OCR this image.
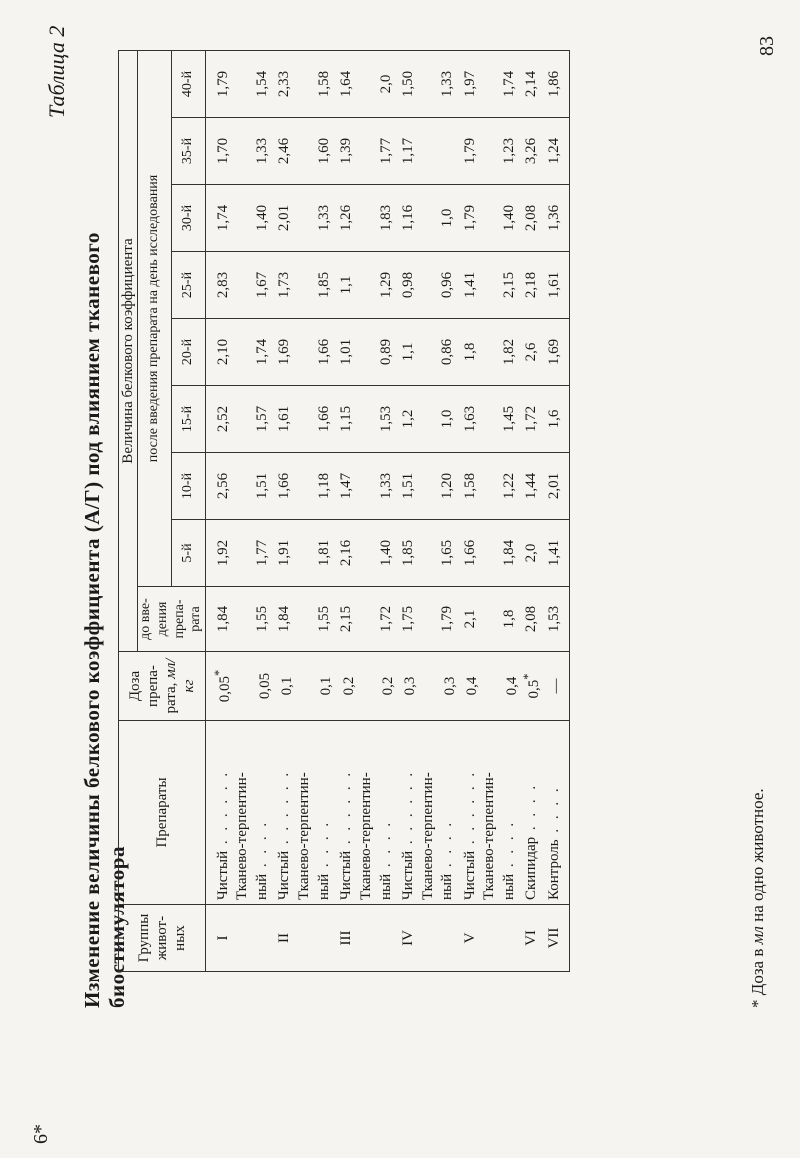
6*
83
Таблица 2
Изменение величины белкового коэффициента (А/Г) под влиянием тканевого биостимулятора Группы живот-ных	Препараты	Доза препа-рата, мл/кг	Величина белкового коэффициента								
			до вве-дения препа-рата	после введения препарата на день исследования							
				5-й	10-й	15-й	20-й	25-й	30-й	35-й	40-й
I	Чистый . . . . . .	0,05*	1,84	1,92	2,56	2,52	2,10	2,83	1,74	1,70	1,79
	Тканево-терпентин-										
	ный . . . .	0,05	1,55	1,77	1,51	1,57	1,74	1,67	1,40	1,33	1,54
II	Чистый . . . . . .	0,1	1,84	1,91	1,66	1,61	1,69	1,73	2,01	2,46	2,33
	Тканево-терпентин-										
	ный . . . .	0,1	1,55	1,81	1,18	1,66	1,66	1,85	1,33	1,60	1,58
III	Чистый . . . . . .	0,2	2,15	2,16	1,47	1,15	1,01	1,1	1,26	1,39	1,64
	Тканево-терпентин-										
	ный . . . .	0,2	1,72	1,40	1,33	1,53	0,89	1,29	1,83	1,77	2,0
IV	Чистый . . . . . .	0,3	1,75	1,85	1,51	1,2	1,1	0,98	1,16	1,17	1,50
	Тканево-терпентин-										
	ный . . . .	0,3	1,79	1,65	1,20	1,0	0,86	0,96	1,0		1,33
V	Чистый . . . . . .	0,4	2,1	1,66	1,58	1,63	1,8	1,41	1,79	1,79	1,97
	Тканево-терпентин-										
	ный . . . .	0,4	1,8	1,84	1,22	1,45	1,82	2,15	1,40	1,23	1,74
VI	Скипидар . . . .	0,5*	2,08	2,0	1,44	1,72	2,6	2,18	2,08	3,26	2,14
VII	Контроль . . . .	—	1,53	1,41	2,01	1,6	1,69	1,61	1,36	1,24	1,86
* Доза в мл на одно животное.
